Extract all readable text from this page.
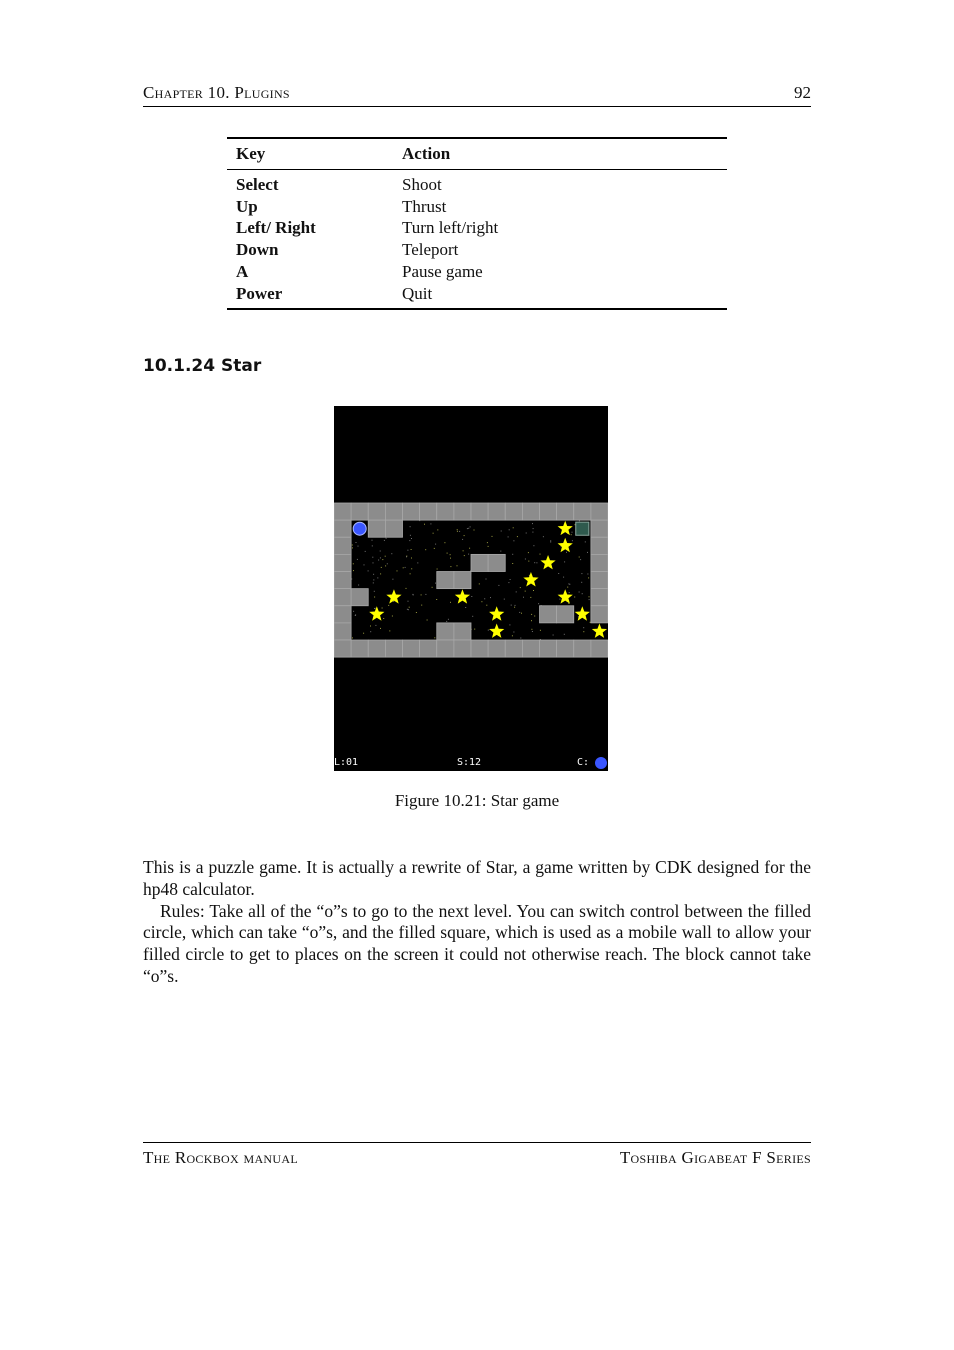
Chapter 10. Plugins	92
Key	Action
Select	Shoot
Up	Thrust
Left/ Right	Turn left/right
Down	Teleport
A	Pause game
Power	Quit
10.1.24 Star
L:01	S:12	C:
Figure 10.21: Star game

This is a puzzle game. It is actually a rewrite of Star, a game written by CDK designed for the hp48 calculator.

Rules: Take all of the “o”s to go to the next level. You can switch control between the filled circle, which can take “o”s, and the filled square, which is used as a mobile wall to allow your filled circle to get to places on the screen it could not otherwise reach. The block cannot take “o”s.

The Rockbox manual	Toshiba Gigabeat F Series
